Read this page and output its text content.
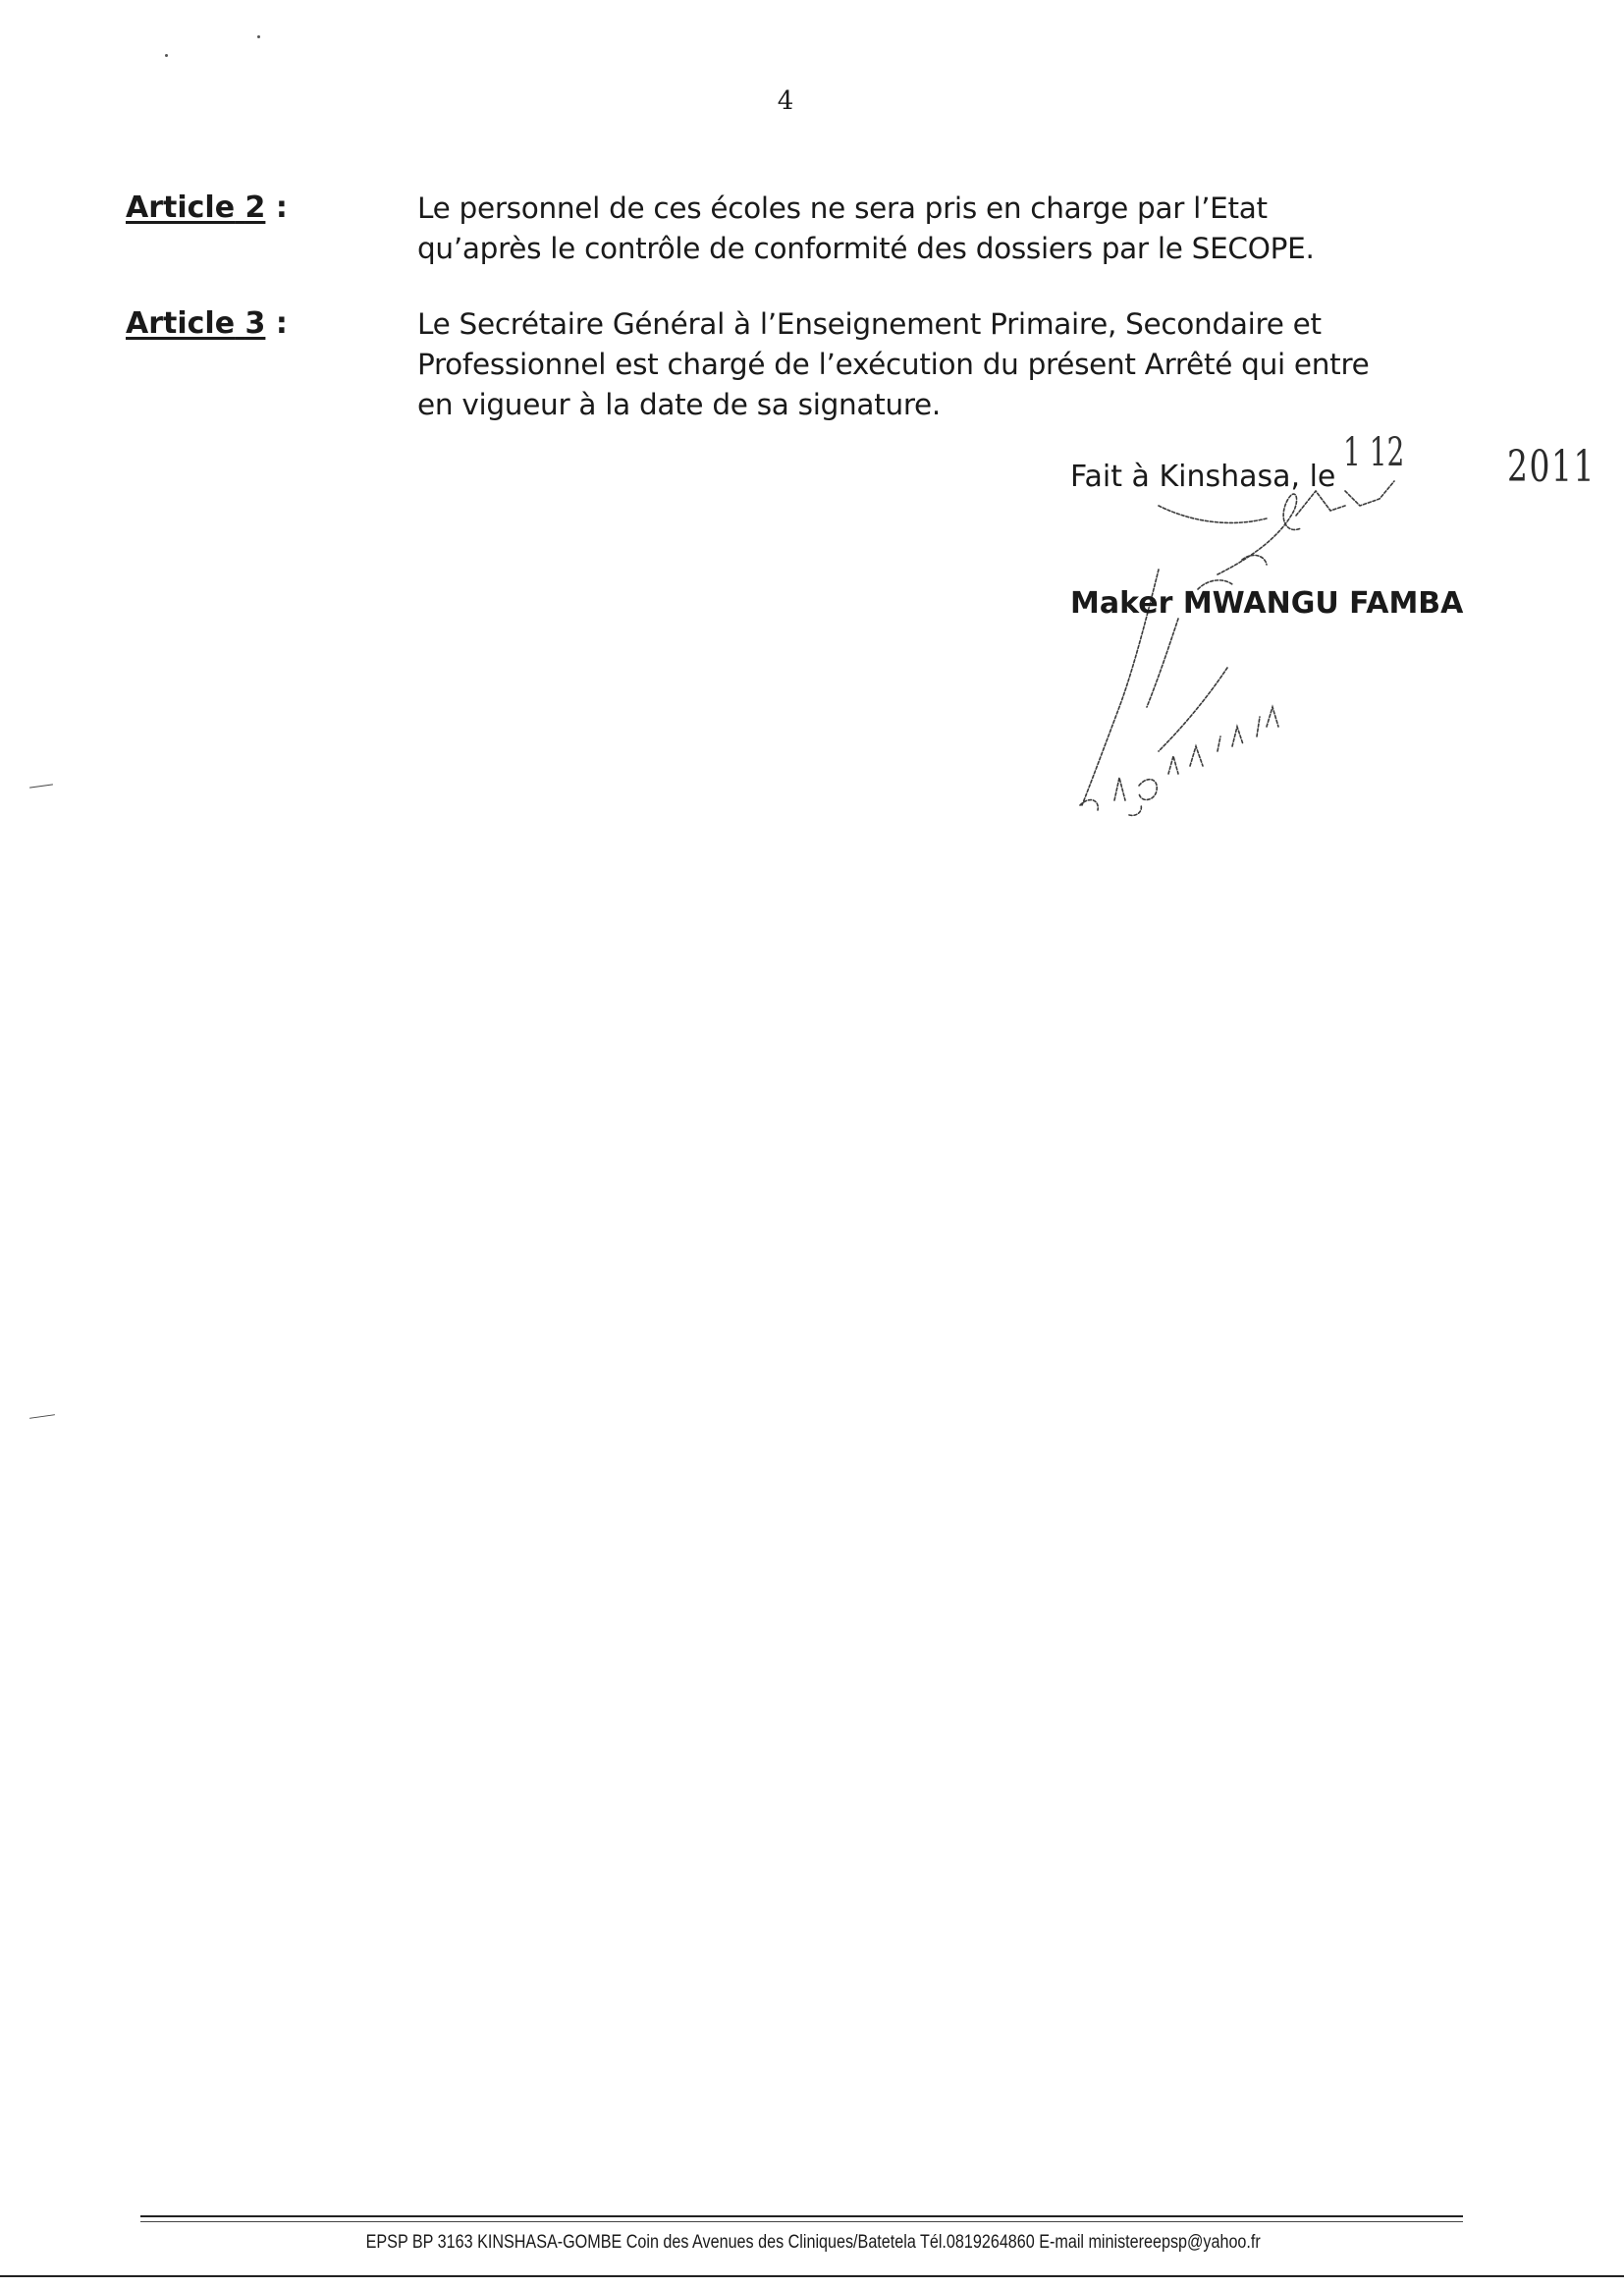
4
Article 2 :	Le personnel de ces écoles ne sera pris en charge par l’Etat
qu’après le contrôle de conformité des dossiers par le SECOPE.
Article 3 :	Le Secrétaire Général à l’Enseignement Primaire, Secondaire et
Professionnel est chargé de l’exécution du présent Arrêté qui entre
en vigueur à la date de sa signature.
Fait à Kinshasa, le
1 12 2011
Maker MWANGU FAMBA
EPSP BP 3163 KINSHASA-GOMBE Coin des Avenues des Cliniques/Batetela Tél.0819264860 E-mail ministereepsp@yahoo.fr
